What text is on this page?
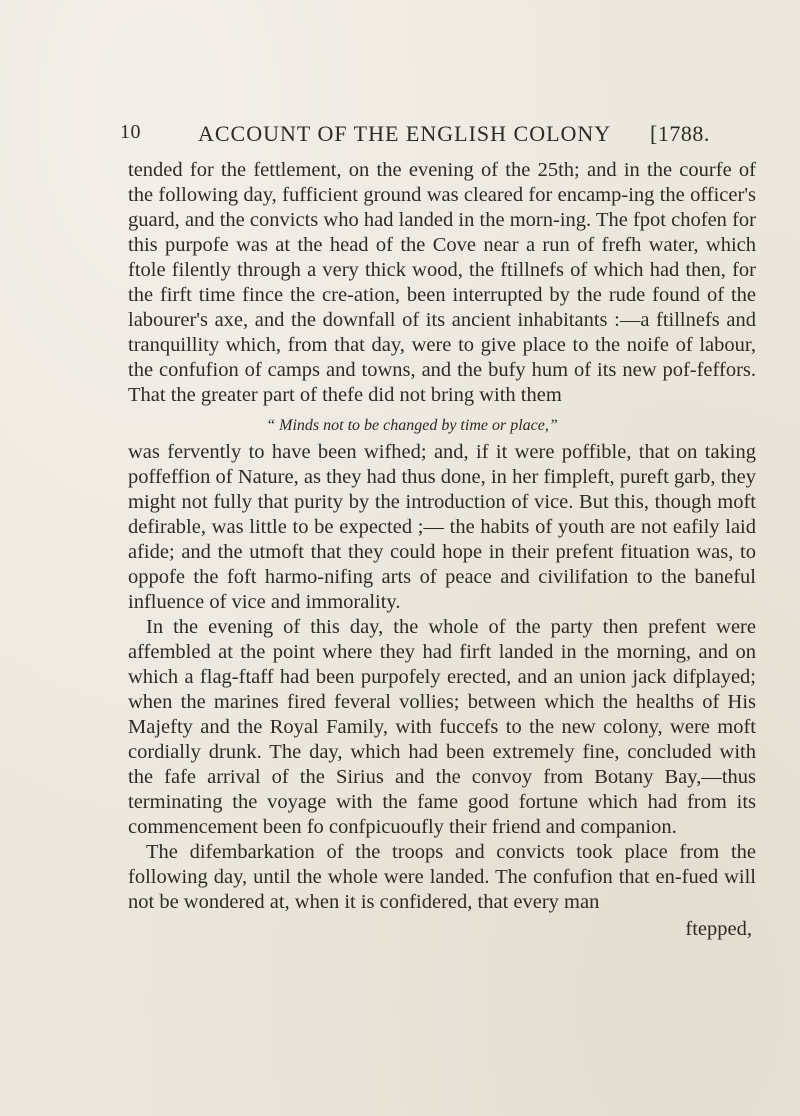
10	ACCOUNT OF THE ENGLISH COLONY [1788.

tended for the fettlement, on the evening of the 25th; and in the courfe of the following day, fufficient ground was cleared for encamp-ing the officer's guard, and the convicts who had landed in the morn-ing. The fpot chofen for this purpofe was at the head of the Cove near a run of frefh water, which ftole filently through a very thick wood, the ftillnefs of which had then, for the firft time fince the cre-ation, been interrupted by the rude found of the labourer's axe, and the downfall of its ancient inhabitants :—a ftillnefs and tranquillity which, from that day, were to give place to the noife of labour, the confufion of camps and towns, and the bufy hum of its new pof-feffors. That the greater part of thefe did not bring with them

“ Minds not to be changed by time or place,”

was fervently to have been wifhed; and, if it were poffible, that on taking poffeffion of Nature, as they had thus done, in her fimpleft, pureft garb, they might not fully that purity by the introduction of vice. But this, though moft defirable, was little to be expected ;— the habits of youth are not eafily laid afide; and the utmoft that they could hope in their prefent fituation was, to oppofe the foft harmo-nifing arts of peace and civilifation to the baneful influence of vice and immorality.

In the evening of this day, the whole of the party then prefent were affembled at the point where they had firft landed in the morning, and on which a flag-ftaff had been purpofely erected, and an union jack difplayed; when the marines fired feveral vollies; between which the healths of His Majefty and the Royal Family, with fuccefs to the new colony, were moft cordially drunk. The day, which had been extremely fine, concluded with the fafe arrival of the Sirius and the convoy from Botany Bay,—thus terminating the voyage with the fame good fortune which had from its commencement been fo confpicuoufly their friend and companion.

The difembarkation of the troops and convicts took place from the following day, until the whole were landed. The confufion that en-fued will not be wondered at, when it is confidered, that every man

ftepped,
